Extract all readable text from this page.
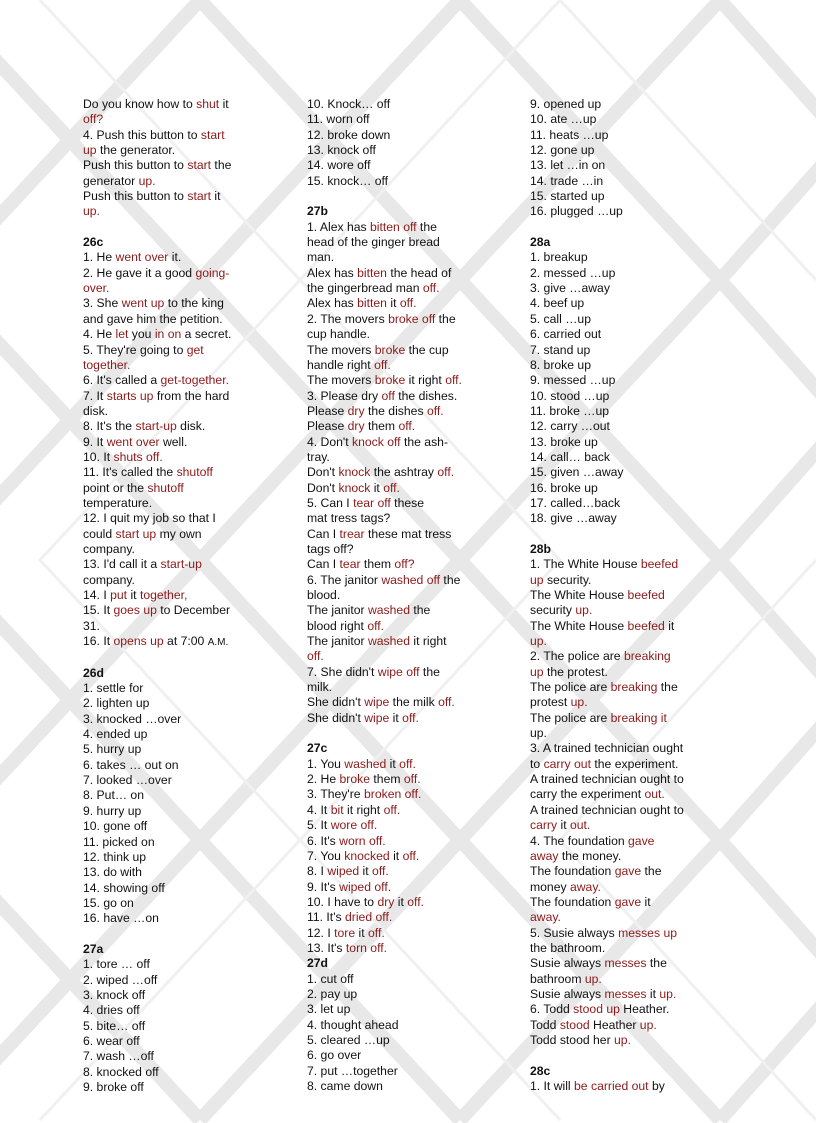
Do you know how to shut it
off?
4. Push this button to start
up the generator.
Push this button to start the
generator up.
Push this button to start it
up.
26c
1. He went over it.
2. He gave it a good going-
over.
3. She went up to the king
and gave him the petition.
4. He let you in on a secret.
5. They're going to get
together.
6. It's called a get-together.
7. It starts up from the hard
disk.
8. It's the start-up disk.
9. It went over well.
10. It shuts off.
11. It's called the shutoff
point or the shutoff
temperature.
12. I quit my job so that I
could start up my own
company.
13. I'd call it a start-up
company.
14. I put it together,
15. It goes up to December
31.
16. It opens up at 7:00 A.M.
26d
1. settle for
2. lighten up
3. knocked …over
4. ended up
5. hurry up
6. takes … out on
7. looked …over
8. Put… on
9. hurry up
10. gone off
11. picked on
12. think up
13. do with
14. showing off
15. go on
16. have …on
27a
1. tore … off
2. wiped …off
3. knock off
4. dries off
5. bite… off
6. wear off
7. wash …off
8. knocked off
9. broke off
10. Knock… off
11. worn off
12. broke down
13. knock off
14. wore off
15. knock… off
27b
1. Alex has bitten off the
head of the ginger bread
man.
Alex has bitten the head of
the gingerbread man off.
Alex has bitten it off.
2. The movers broke off the
cup handle.
The movers broke the cup
handle right off.
The movers broke it right off.
3. Please dry off the dishes.
Please dry the dishes off.
Please dry them off.
4. Don't knock off the ash-
tray.
Don't knock the ashtray off.
Don't knock it off.
5. Can I tear off these
mat tress tags?
Can I trear these mat tress
tags off?
Can I tear them off?
6. The janitor washed off the
blood.
The janitor washed the
blood right off.
The janitor washed it right
off.
7. She didn't wipe off the
milk.
She didn't wipe the milk off.
She didn't wipe it off.
27c
1. You washed it off.
2. He broke them off.
3. They're broken off.
4. It bit it right off.
5. It wore off.
6. It's worn off.
7. You knocked it off.
8. I wiped it off.
9. It's wiped off.
10. I have to dry it off.
11. It's dried off.
12. I tore it off.
13. It's torn off.
27d
1. cut off
2. pay up
3. let up
4. thought ahead
5. cleared …up
6. go over
7. put …together
8. came down
9. opened up
10. ate …up
11. heats …up
12. gone up
13. let …in on
14. trade …in
15. started up
16. plugged …up
28a
1. breakup
2. messed …up
3. give …away
4. beef up
5. call …up
6. carried out
7. stand up
8. broke up
9. messed …up
10. stood …up
11. broke …up
12. carry …out
13. broke up
14. call… back
15. given …away
16. broke up
17. called…back
18. give …away
28b
1. The White House beefed
up security.
The White House beefed
security up.
The White House beefed it
up.
2. The police are breaking
up the protest.
The police are breaking the
protest up.
The police are breaking it
up.
3. A trained technician ought
to carry out the experiment.
A trained technician ought to
carry the experiment out.
A trained technician ought to
carry it out.
4. The foundation gave
away the money.
The foundation gave the
money away.
The foundation gave it
away.
5. Susie always messes up
the bathroom.
Susie always messes the
bathroom up.
Susie always messes it up.
6. Todd stood up Heather.
Todd stood Heather up.
Todd stood her up.
28c
1. It will be carried out by
